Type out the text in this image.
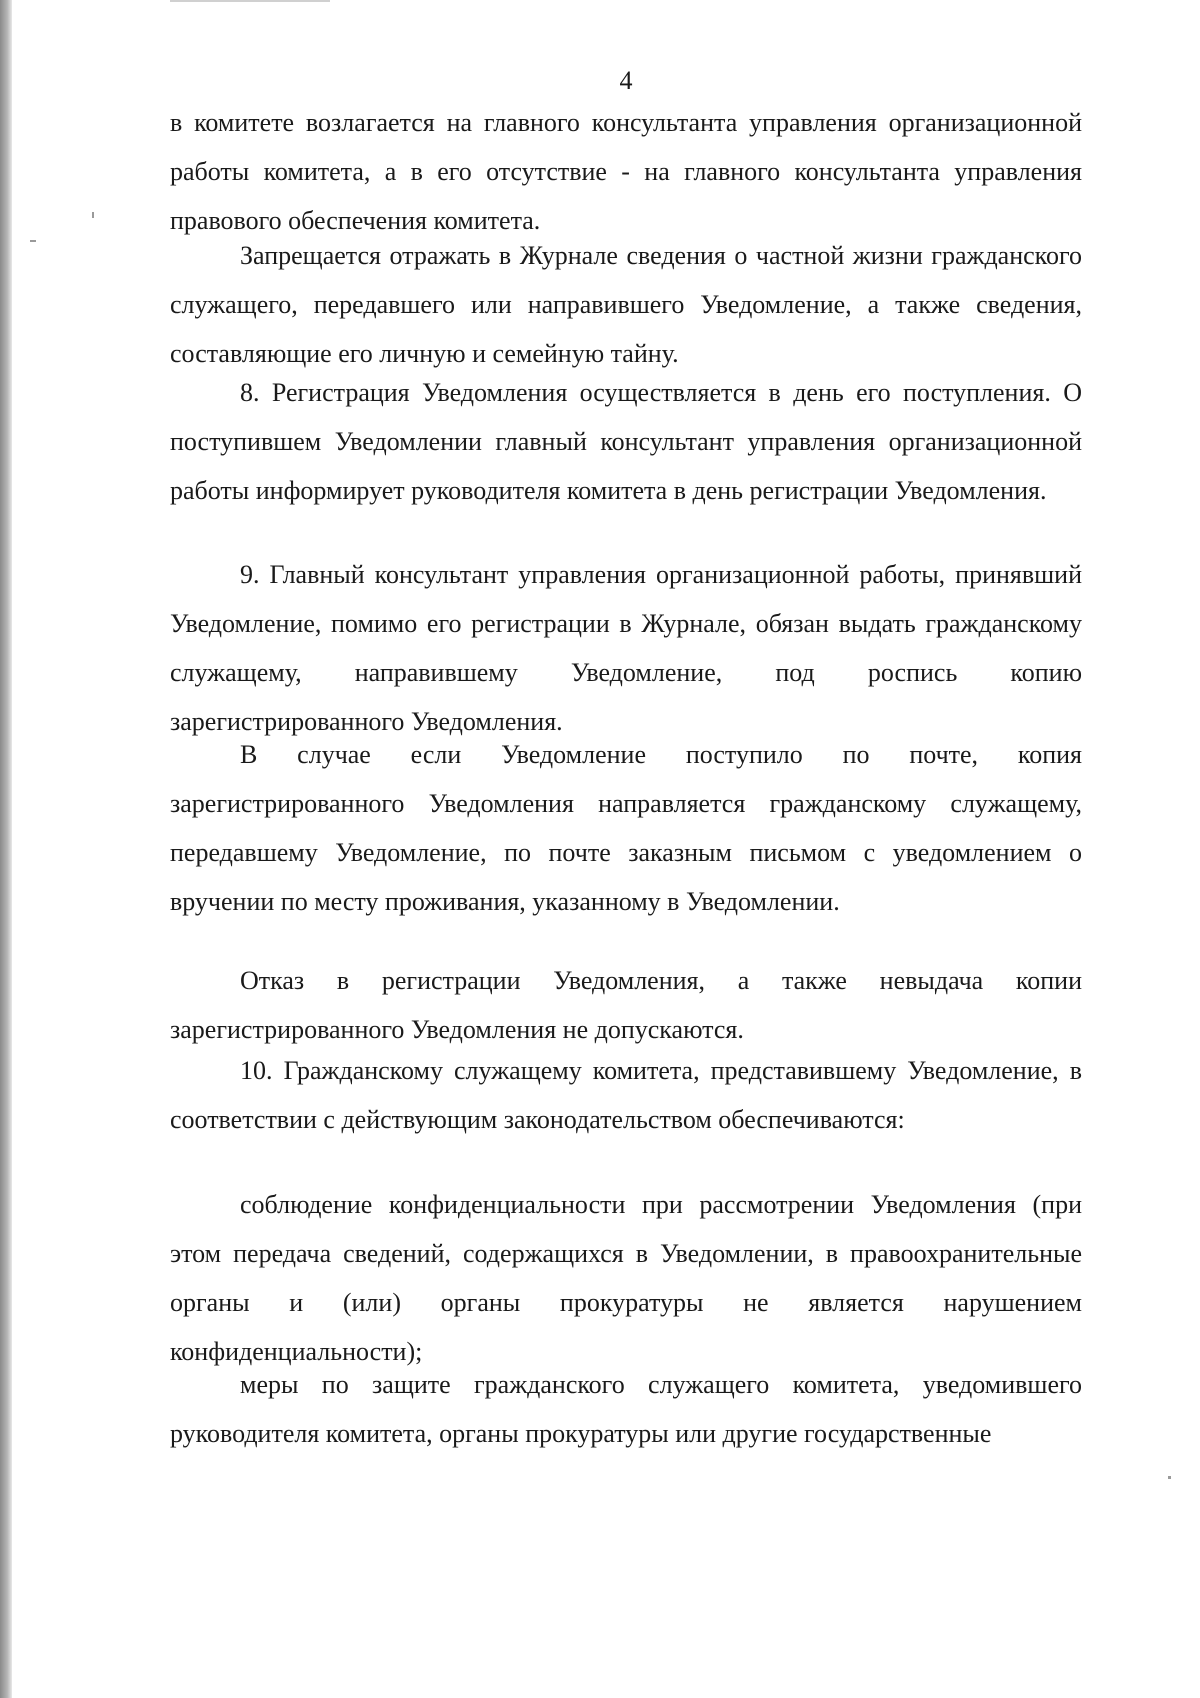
4

в комитете возлагается на главного консультанта управления организационной работы комитета, а в его отсутствие - на главного консультанта управления правового обеспечения комитета.

Запрещается отражать в Журнале сведения о частной жизни гражданского служащего, передавшего или направившего Уведомление, а также сведения, составляющие его личную и семейную тайну.

8. Регистрация Уведомления осуществляется в день его поступления. О поступившем Уведомлении главный консультант управления организационной работы информирует руководителя комитета в день регистрации Уведомления.

9. Главный консультант управления организационной работы, принявший Уведомление, помимо его регистрации в Журнале, обязан выдать гражданскому служащему, направившему Уведомление, под роспись копию зарегистрированного Уведомления.

В случае если Уведомление поступило по почте, копия зарегистрированного Уведомления направляется гражданскому служащему, передавшему Уведомление, по почте заказным письмом с уведомлением о вручении по месту проживания, указанному в Уведомлении.

Отказ в регистрации Уведомления, а также невыдача копии зарегистрированного Уведомления не допускаются.

10. Гражданскому служащему комитета, представившему Уведомление, в соответствии с действующим законодательством обеспечиваются:

соблюдение конфиденциальности при рассмотрении Уведомления (при этом передача сведений, содержащихся в Уведомлении, в правоохранительные органы и (или) органы прокуратуры не является нарушением конфиденциальности);

меры по защите гражданского служащего комитета, уведомившего руководителя комитета, органы прокуратуры или другие государственные
